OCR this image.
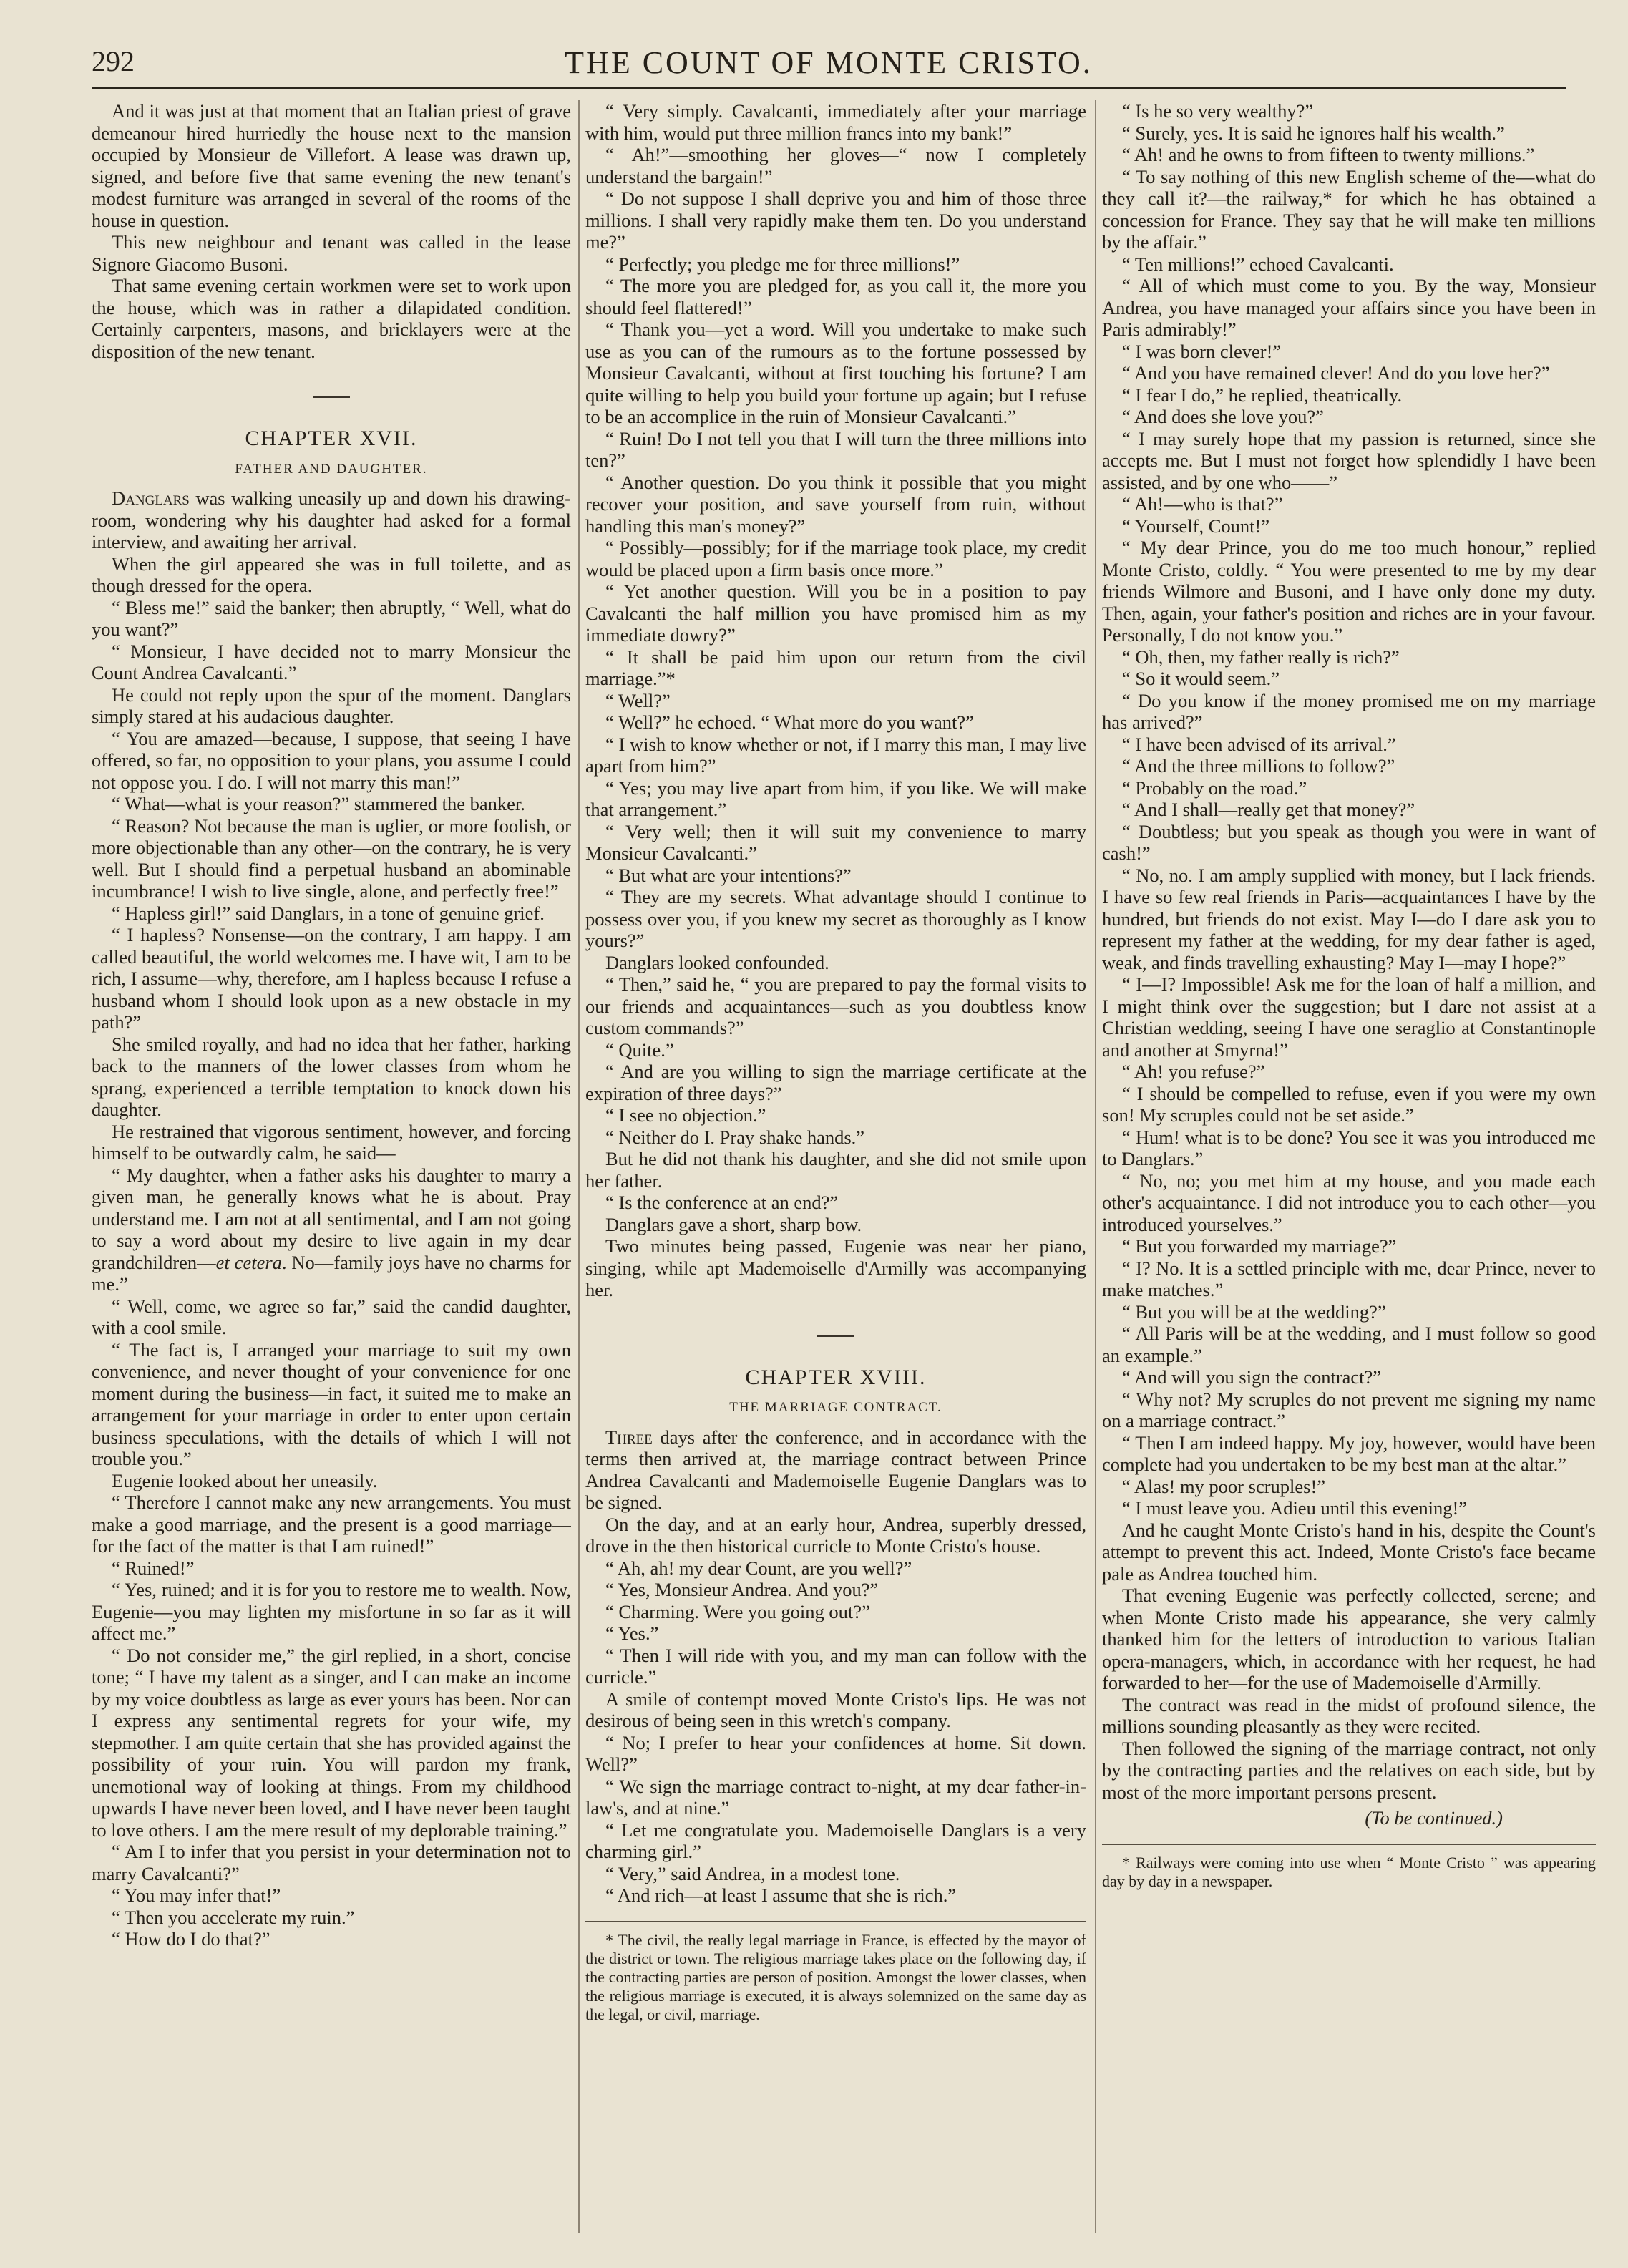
292	THE COUNT OF MONTE CRISTO.

And it was just at that moment that an Italian priest of grave demeanour hired hurriedly the house next to the mansion occupied by Monsieur de Villefort. A lease was drawn up, signed, and before five that same evening the new tenant's modest furniture was arranged in several of the rooms of the house in question.

This new neighbour and tenant was called in the lease Signore Giacomo Busoni.

That same evening certain workmen were set to work upon the house, which was in rather a dilapidated condition. Certainly carpenters, masons, and bricklayers were at the disposition of the new tenant.

CHAPTER XVII.
FATHER AND DAUGHTER.

Danglars was walking uneasily up and down his drawing-room, wondering why his daughter had asked for a formal interview, and awaiting her arrival.

When the girl appeared she was in full toilette, and as though dressed for the opera.

“ Bless me!” said the banker; then abruptly, “ Well, what do you want?”

“ Monsieur, I have decided not to marry Monsieur the Count Andrea Cavalcanti.”

He could not reply upon the spur of the moment. Danglars simply stared at his audacious daughter.

“ You are amazed—because, I suppose, that seeing I have offered, so far, no opposition to your plans, you assume I could not oppose you. I do. I will not marry this man!”

“ What—what is your reason?” stammered the banker.

“ Reason? Not because the man is uglier, or more foolish, or more objectionable than any other—on the contrary, he is very well. But I should find a perpetual husband an abominable incumbrance! I wish to live single, alone, and perfectly free!”

“ Hapless girl!” said Danglars, in a tone of genuine grief.

“ I hapless? Nonsense—on the contrary, I am happy. I am called beautiful, the world welcomes me. I have wit, I am to be rich, I assume—why, therefore, am I hapless because I refuse a husband whom I should look upon as a new obstacle in my path?”

She smiled royally, and had no idea that her father, harking back to the manners of the lower classes from whom he sprang, experienced a terrible temptation to knock down his daughter.

He restrained that vigorous sentiment, however, and forcing himself to be outwardly calm, he said—

“ My daughter, when a father asks his daughter to marry a given man, he generally knows what he is about. Pray understand me. I am not at all sentimental, and I am not going to say a word about my desire to live again in my dear grandchildren—et cetera. No—family joys have no charms for me.”

“ Well, come, we agree so far,” said the candid daughter, with a cool smile.

“ The fact is, I arranged your marriage to suit my own convenience, and never thought of your convenience for one moment during the business—in fact, it suited me to make an arrangement for your marriage in order to enter upon certain business speculations, with the details of which I will not trouble you.”

Eugenie looked about her uneasily.

“ Therefore I cannot make any new arrangements. You must make a good marriage, and the present is a good marriage—for the fact of the matter is that I am ruined!”

“ Ruined!”

“ Yes, ruined; and it is for you to restore me to wealth. Now, Eugenie—you may lighten my misfortune in so far as it will affect me.”

“ Do not consider me,” the girl replied, in a short, concise tone; “ I have my talent as a singer, and I can make an income by my voice doubtless as large as ever yours has been. Nor can I express any sentimental regrets for your wife, my stepmother. I am quite certain that she has provided against the possibility of your ruin. You will pardon my frank, unemotional way of looking at things. From my childhood upwards I have never been loved, and I have never been taught to love others. I am the mere result of my deplorable training.”

“ Am I to infer that you persist in your determination not to marry Cavalcanti?”

“ You may infer that!”

“ Then you accelerate my ruin.”

“ How do I do that?”

“ Very simply. Cavalcanti, immediately after your marriage with him, would put three million francs into my bank!”

“ Ah!”—smoothing her gloves—“ now I completely understand the bargain!”

“ Do not suppose I shall deprive you and him of those three millions. I shall very rapidly make them ten. Do you understand me?”

“ Perfectly; you pledge me for three millions!”

“ The more you are pledged for, as you call it, the more you should feel flattered!”

“ Thank you—yet a word. Will you undertake to make such use as you can of the rumours as to the fortune possessed by Monsieur Cavalcanti, without at first touching his fortune? I am quite willing to help you build your fortune up again; but I refuse to be an accomplice in the ruin of Monsieur Cavalcanti.”

“ Ruin! Do I not tell you that I will turn the three millions into ten?”

“ Another question. Do you think it possible that you might recover your position, and save yourself from ruin, without handling this man's money?”

“ Possibly—possibly; for if the marriage took place, my credit would be placed upon a firm basis once more.”

“ Yet another question. Will you be in a position to pay Cavalcanti the half million you have promised him as my immediate dowry?”

“ It shall be paid him upon our return from the civil marriage.”*

“ Well?”

“ Well?” he echoed. “ What more do you want?”

“ I wish to know whether or not, if I marry this man, I may live apart from him?”

“ Yes; you may live apart from him, if you like. We will make that arrangement.”

“ Very well; then it will suit my convenience to marry Monsieur Cavalcanti.”

“ But what are your intentions?”

“ They are my secrets. What advantage should I continue to possess over you, if you knew my secret as thoroughly as I know yours?”

Danglars looked confounded.

“ Then,” said he, “ you are prepared to pay the formal visits to our friends and acquaintances—such as you doubtless know custom commands?”

“ Quite.”

“ And are you willing to sign the marriage certificate at the expiration of three days?”

“ I see no objection.”

“ Neither do I. Pray shake hands.”

But he did not thank his daughter, and she did not smile upon her father.

“ Is the conference at an end?”

Danglars gave a short, sharp bow.

Two minutes being passed, Eugenie was near her piano, singing, while apt Mademoiselle d'Armilly was accompanying her.

CHAPTER XVIII.
THE MARRIAGE CONTRACT.

Three days after the conference, and in accordance with the terms then arrived at, the marriage contract between Prince Andrea Cavalcanti and Mademoiselle Eugenie Danglars was to be signed.

On the day, and at an early hour, Andrea, superbly dressed, drove in the then historical curricle to Monte Cristo's house.

“ Ah, ah! my dear Count, are you well?”

“ Yes, Monsieur Andrea. And you?”

“ Charming. Were you going out?”

“ Yes.”

“ Then I will ride with you, and my man can follow with the curricle.”

A smile of contempt moved Monte Cristo's lips. He was not desirous of being seen in this wretch's company.

“ No; I prefer to hear your confidences at home. Sit down. Well?”

“ We sign the marriage contract to-night, at my dear father-in-law's, and at nine.”

“ Let me congratulate you. Mademoiselle Danglars is a very charming girl.”

“ Very,” said Andrea, in a modest tone.

“ And rich—at least I assume that she is rich.”

* The civil, the really legal marriage in France, is effected by the mayor of the district or town. The religious marriage takes place on the following day, if the contracting parties are person of position. Amongst the lower classes, when the religious marriage is executed, it is always solemnized on the same day as the legal, or civil, marriage.

“ Is he so very wealthy?”

“ Surely, yes. It is said he ignores half his wealth.”

“ Ah! and he owns to from fifteen to twenty millions.”

“ To say nothing of this new English scheme of the—what do they call it?—the railway,* for which he has obtained a concession for France. They say that he will make ten millions by the affair.”

“ Ten millions!” echoed Cavalcanti.

“ All of which must come to you. By the way, Monsieur Andrea, you have managed your affairs since you have been in Paris admirably!”

“ I was born clever!”

“ And you have remained clever! And do you love her?”

“ I fear I do,” he replied, theatrically.

“ And does she love you?”

“ I may surely hope that my passion is returned, since she accepts me. But I must not forget how splendidly I have been assisted, and by one who——”

“ Ah!—who is that?”

“ Yourself, Count!”

“ My dear Prince, you do me too much honour,” replied Monte Cristo, coldly. “ You were presented to me by my dear friends Wilmore and Busoni, and I have only done my duty. Then, again, your father's position and riches are in your favour. Personally, I do not know you.”

“ Oh, then, my father really is rich?”

“ So it would seem.”

“ Do you know if the money promised me on my marriage has arrived?”

“ I have been advised of its arrival.”

“ And the three millions to follow?”

“ Probably on the road.”

“ And I shall—really get that money?”

“ Doubtless; but you speak as though you were in want of cash!”

“ No, no. I am amply supplied with money, but I lack friends. I have so few real friends in Paris—acquaintances I have by the hundred, but friends do not exist. May I—do I dare ask you to represent my father at the wedding, for my dear father is aged, weak, and finds travelling exhausting? May I—may I hope?”

“ I—I? Impossible! Ask me for the loan of half a million, and I might think over the suggestion; but I dare not assist at a Christian wedding, seeing I have one seraglio at Constantinople and another at Smyrna!”

“ Ah! you refuse?”

“ I should be compelled to refuse, even if you were my own son! My scruples could not be set aside.”

“ Hum! what is to be done? You see it was you introduced me to Danglars.”

“ No, no; you met him at my house, and you made each other's acquaintance. I did not introduce you to each other—you introduced yourselves.”

“ But you forwarded my marriage?”

“ I? No. It is a settled principle with me, dear Prince, never to make matches.”

“ But you will be at the wedding?”

“ All Paris will be at the wedding, and I must follow so good an example.”

“ And will you sign the contract?”

“ Why not? My scruples do not prevent me signing my name on a marriage contract.”

“ Then I am indeed happy. My joy, however, would have been complete had you undertaken to be my best man at the altar.”

“ Alas! my poor scruples!”

“ I must leave you. Adieu until this evening!”

And he caught Monte Cristo's hand in his, despite the Count's attempt to prevent this act. Indeed, Monte Cristo's face became pale as Andrea touched him.

That evening Eugenie was perfectly collected, serene; and when Monte Cristo made his appearance, she very calmly thanked him for the letters of introduction to various Italian opera-managers, which, in accordance with her request, he had forwarded to her—for the use of Mademoiselle d'Armilly.

The contract was read in the midst of profound silence, the millions sounding pleasantly as they were recited.

Then followed the signing of the marriage contract, not only by the contracting parties and the relatives on each side, but by most of the more important persons present.

(To be continued.)

* Railways were coming into use when “ Monte Cristo ” was appearing day by day in a newspaper.
